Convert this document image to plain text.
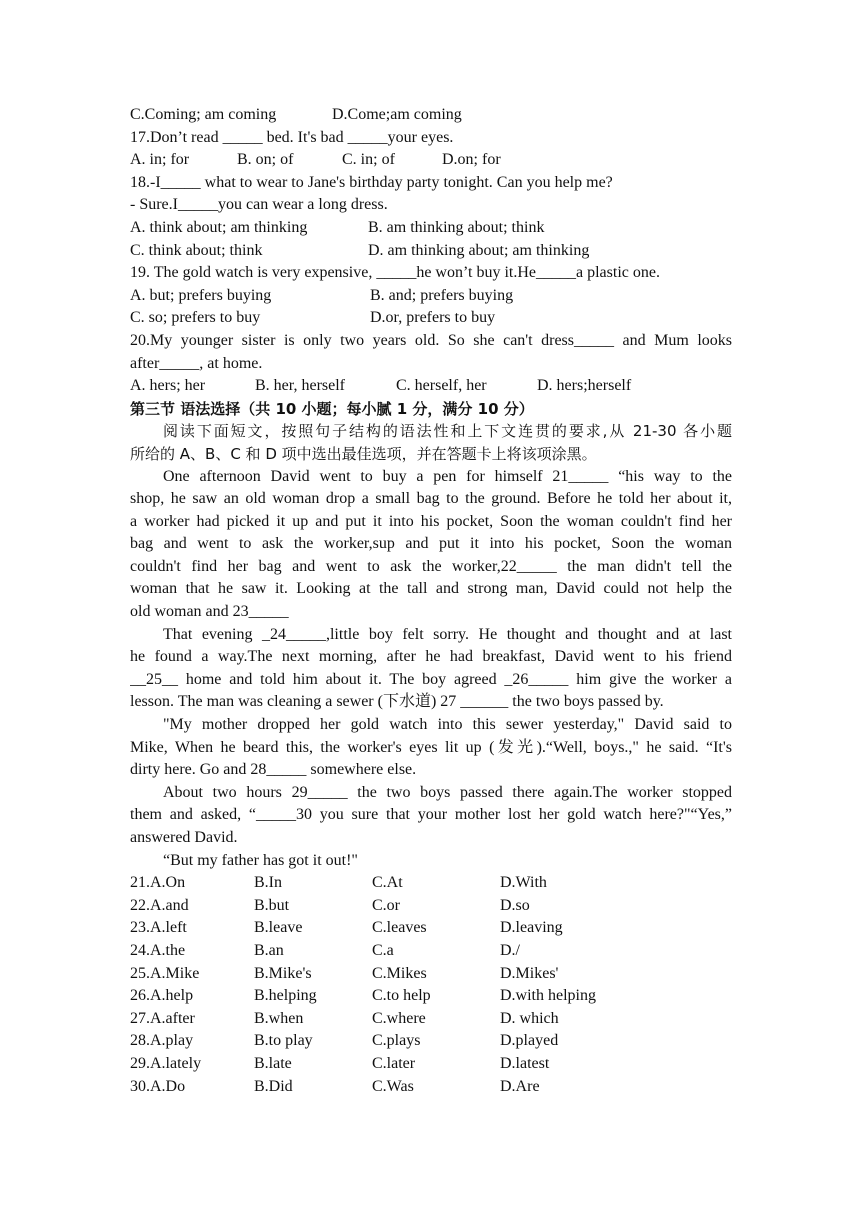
C.Coming; am coming	D.Come;am coming
17.Don’t read _____ bed. It's bad _____your eyes.
A. in; for	B. on; of	C. in; of	D.on; for
18.-I_____ what to wear to Jane's birthday party tonight. Can you help me?
- Sure.I_____you can wear a long dress.
A. think about; am thinking	B. am thinking about; think
C. think about; think	D. am thinking about; am thinking
19. The gold watch is very expensive, _____he won’t buy it.He_____a plastic one.
A. but; prefers buying	B. and; prefers buying
C. so; prefers to buy	D.or, prefers to buy
20.My younger sister is only two years old. So she can't dress_____ and Mum looks
after_____, at home.
A. hers; her	B. her, herself	C. herself, her	D. hers;herself
第三节 语法选择（共 10 小题；每小腻 1 分，满分 10 分）
阅读下面短文，按照句子结构的语法性和上下文连贯的要求,从 21-30 各小题
所给的 A、B、C 和 D 项中选出最佳选项，并在答题卡上将该项涂黑。
One afternoon David went to buy a pen for himself 21_____ “his way to the
shop, he saw an old woman drop a small bag to the ground. Before he told her about it,
a worker had picked it up and put it into his pocket, Soon the woman couldn't find her
bag and went to ask the worker,sup and put it into his pocket, Soon the woman
couldn't find her bag and went to ask the worker,22_____ the man didn't tell the
woman that he saw it. Looking at the tall and strong man, David could not help the
old woman and 23_____
That evening _24_____,little boy felt sorry. He thought and thought and at last
he found a way.The next morning, after he had breakfast, David went to his friend
__25__ home and told him about it. The boy agreed _26_____ him give the worker a
lesson. The man was cleaning a sewer (下水道) 27 ______ the two boys passed by.
"My mother dropped her gold watch into this sewer yesterday," David said to
Mike, When he beard this, the worker's eyes lit up (发光).“Well, boys.," he said. “It's
dirty here. Go and 28_____ somewhere else.
About two hours 29_____ the two boys passed there again.The worker stopped
them and asked, “_____30 you sure that your mother lost her gold watch here?"“Yes,”
answered David.
“But my father has got it out!"
21.A.On	B.In	C.At	D.With
22.A.and	B.but	C.or	D.so
23.A.left	B.leave	C.leaves	D.leaving
24.A.the	B.an	C.a	D./
25.A.Mike	B.Mike's	C.Mikes	D.Mikes'
26.A.help	B.helping	C.to help	D.with helping
27.A.after	B.when	C.where	D. which
28.A.play	B.to play	C.plays	D.played
29.A.lately	B.late	C.later	D.latest
30.A.Do	B.Did	C.Was	D.Are
